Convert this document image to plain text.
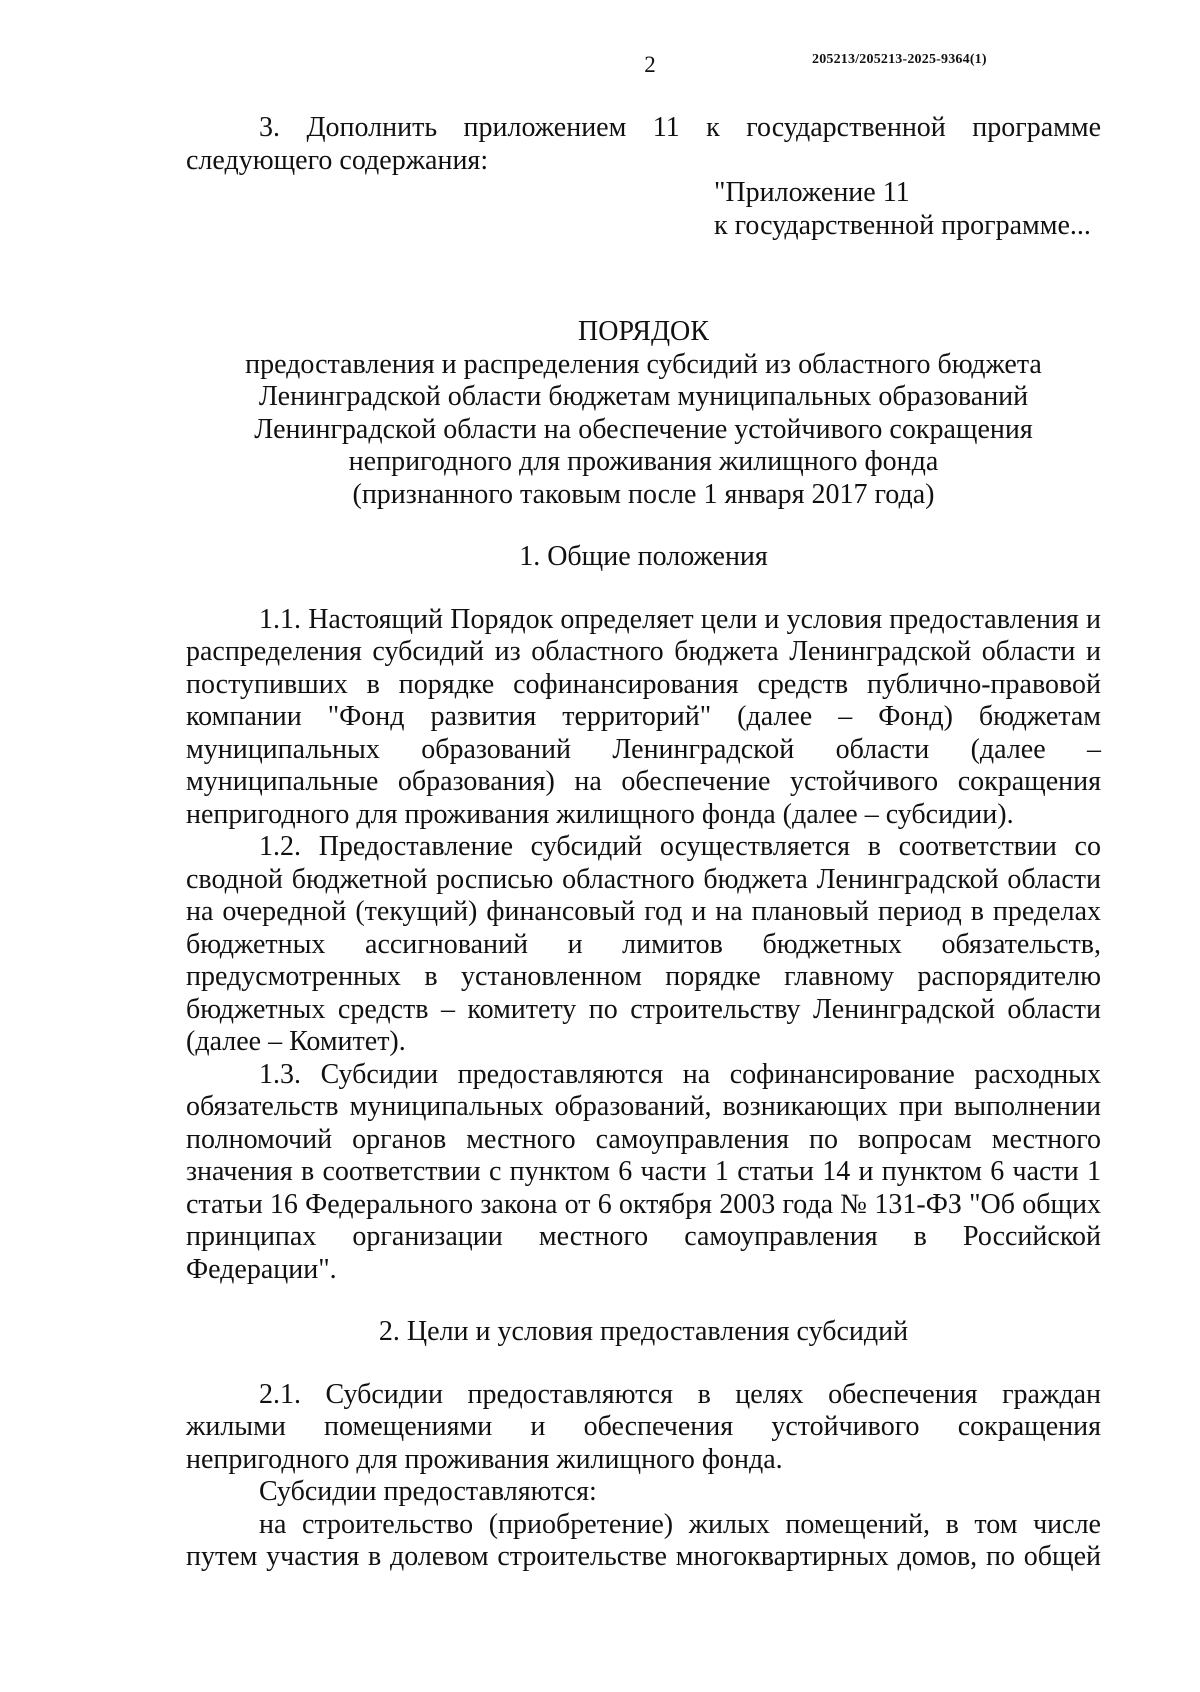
2	205213/205213-2025-9364(1)

3. Дополнить приложением 11 к государственной программе

следующего содержания:

"Приложение 11
к государственной программе...
ПОРЯДОК
предоставления и распределения субсидий из областного бюджета
Ленинградской области бюджетам муниципальных образований
Ленинградской области на обеспечение устойчивого сокращения
непригодного для проживания жилищного фонда
(признанного таковым после 1 января 2017 года)
1. Общие положения

1.1. Настоящий Порядок определяет цели и условия предоставления и распределения субсидий из областного бюджета Ленинградской области и поступивших в порядке софинансирования средств публично-правовой компании "Фонд развития территорий" (далее – Фонд) бюджетам муниципальных образований Ленинградской области (далее – муниципальные образования) на обеспечение устойчивого сокращения непригодного для проживания жилищного фонда (далее – субсидии).

1.2. Предоставление субсидий осуществляется в соответствии со сводной бюджетной росписью областного бюджета Ленинградской области на очередной (текущий) финансовый год и на плановый период в пределах бюджетных ассигнований и лимитов бюджетных обязательств, предусмотренных в установленном порядке главному распорядителю бюджетных средств – комитету по строительству Ленинградской области (далее – Комитет).

1.3. Субсидии предоставляются на софинансирование расходных обязательств муниципальных образований, возникающих при выполнении полномочий органов местного самоуправления по вопросам местного значения в соответствии с пунктом 6 части 1 статьи 14 и пунктом 6 части 1 статьи 16 Федерального закона от 6 октября 2003 года № 131-ФЗ "Об общих принципах организации местного самоуправления в Российской Федерации".

2. Цели и условия предоставления субсидий

2.1. Субсидии предоставляются в целях обеспечения граждан жилыми помещениями и обеспечения устойчивого сокращения непригодного для проживания жилищного фонда.

Субсидии предоставляются:

на строительство (приобретение) жилых помещений, в том числе путем участия в долевом строительстве многоквартирных домов, по общей
